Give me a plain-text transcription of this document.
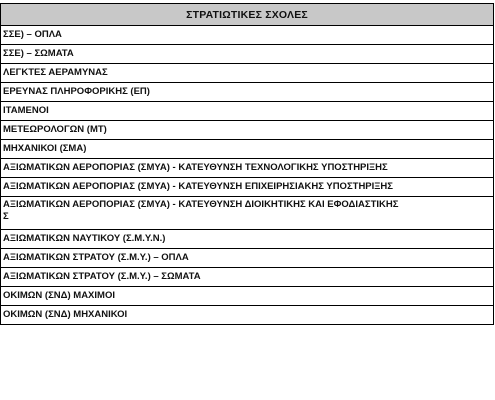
ΣΤΡΑΤΙΩΤΙΚΕΣ ΣΧΟΛΕΣ
ΣΣΕ) – ΟΠΛΑ
ΣΣΕ) – ΣΩΜΑΤΑ
ΛΕΓΚΤΕΣ ΑΕΡΑΜΥΝΑΣ
ΕΡΕΥΝΑΣ ΠΛΗΡΟΦΟΡΙΚΗΣ (ΕΠ)
ΙΤΑΜΕΝΟΙ
ΜΕΤΕΩΡΟΛΟΓΩΝ (ΜΤ)
ΜΗΧΑΝΙΚΟΙ (ΣΜΑ)
ΑΞΙΩΜΑΤΙΚΩΝ ΑΕΡΟΠΟΡΙΑΣ (ΣΜΥΑ) - ΚΑΤΕΥΘΥΝΣΗ ΤΕΧΝΟΛΟΓΙΚΗΣ ΥΠΟΣΤΗΡΙΞΗΣ
ΑΞΙΩΜΑΤΙΚΩΝ ΑΕΡΟΠΟΡΙΑΣ (ΣΜΥΑ) - ΚΑΤΕΥΘΥΝΣΗ ΕΠΙΧΕΙΡΗΣΙΑΚΗΣ ΥΠΟΣΤΗΡΙΞΗΣ

ΑΞΙΩΜΑΤΙΚΩΝ ΑΕΡΟΠΟΡΙΑΣ (ΣΜΥΑ) - ΚΑΤΕΥΘΥΝΣΗ ΔΙΟΙΚΗΤΙΚΗΣ ΚΑΙ ΕΦΟΔΙΑΣΤΙΚΗΣ
Σ

ΑΞΙΩΜΑΤΙΚΩΝ ΝΑΥΤΙΚΟΥ (Σ.Μ.Υ.Ν.)
ΑΞΙΩΜΑΤΙΚΩΝ ΣΤΡΑΤΟΥ (Σ.Μ.Υ.) – ΟΠΛΑ
ΑΞΙΩΜΑΤΙΚΩΝ ΣΤΡΑΤΟΥ (Σ.Μ.Υ.) – ΣΩΜΑΤΑ
ΟΚΙΜΩΝ (ΣΝΔ) ΜΑΧΙΜΟΙ
ΟΚΙΜΩΝ (ΣΝΔ) ΜΗΧΑΝΙΚΟΙ
